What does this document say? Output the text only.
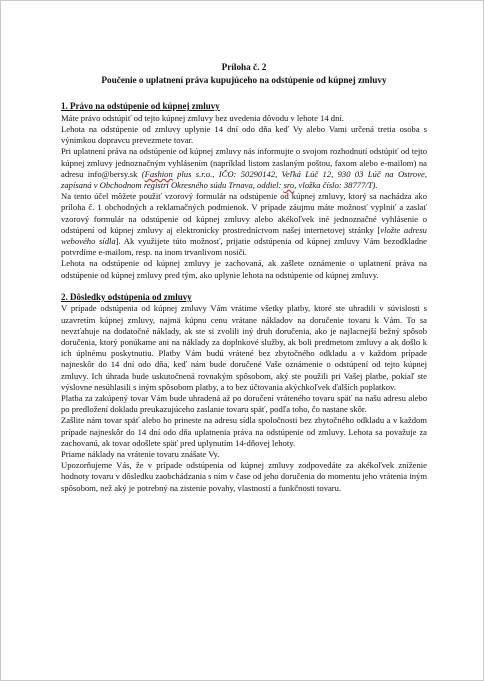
Príloha č. 2
Poučenie o uplatnení práva kupujúceho na odstúpenie od kúpnej zmluvy
1. Právo na odstúpenie od kúpnej zmluvy

Máte právo odstúpiť od tejto kúpnej zmluvy bez uvedenia dôvodu v lehote 14 dní.

Lehota na odstúpenie od zmluvy uplynie 14 dní odo dňa keď Vy alebo Vami určená tretia osoba s výnimkou dopravcu prevezmete tovar.

Pri uplatnení práva na odstúpenie od kúpnej zmluvy nás informujte o svojom rozhodnutí odstúpiť od tejto kúpnej zmluvy jednoznačným vyhlásením (napríklad listom zaslaným poštou, faxom alebo e-mailom) na adresu info@bersy.sk (Fashion plus s.r.o., IČO: 50290142, Veľká Lúč 12, 930 03 Lúč na Ostrove, zapísaná v Obchodnom registri Okresného súdu Trnava, oddiel: sro, vložka číslo: 38777/T).

Na tento účel môžete použiť vzorový formulár na odstúpenie od kúpnej zmluvy, ktorý sa nachádza ako príloha č. 1 obchodných a reklamačných podmienok. V prípade záujmu máte možnosť vyplniť a zaslať vzorový formulár na odstúpenie od kúpnej zmluvy alebo akékoľvek iné jednoznačné vyhlásenie o odstúpení od kúpnej zmluvy aj elektronicky prostredníctvom našej internetovej stránky [vložte adresu webového sídla]. Ak využijete túto možnosť, prijatie odstúpenia od kúpnej zmluvy Vám bezodkladne potvrdíme e-mailom, resp. na inom trvanlivom nosiči.

Lehota na odstúpenie od kúpnej zmluvy je zachovaná, ak zašlete oznámenie o uplatnení práva na odstúpenie od kúpnej zmluvy pred tým, ako uplynie lehota na odstúpenie od kúpnej zmluvy.

2. Dôsledky odstúpenia od zmluvy

V prípade odstúpenia od kúpnej zmluvy Vám vrátime všetky platby, ktoré ste uhradili v súvislosti s uzavretím kúpnej zmluvy, najmä kúpnu cenu vrátane nákladov na doručenie tovaru k Vám. To sa nevzťahuje na dodatočné náklady, ak ste si zvolili iný druh doručenia, ako je najlacnejší bežný spôsob doručenia, ktorý ponúkame ani na náklady za doplnkové služby, ak boli predmetom zmluvy a ak došlo k ich úplnému poskytnutiu. Platby Vám budú vrátené bez zbytočného odkladu a v každom prípade najneskôr do 14 dní odo dňa, keď nám bude doručené Vaše oznámenie o odstúpení od tejto kúpnej zmluvy. Ich úhrada bude uskutočnená rovnakým spôsobom, aký ste použili pri Vašej platbe, pokiaľ ste výslovne nesúhlasili s iným spôsobom platby, a to bez účtovania akýchkoľvek ďalších poplatkov.

Platba za zakúpený tovar Vám bude uhradená až po doručení vráteného tovaru späť na našu adresu alebo po predložení dokladu preukazujúceho zaslanie tovaru späť, podľa toho, čo nastane skôr.

Zašlite nám tovar späť alebo ho prineste na adresu sídla spoločnosti bez zbytočného odkladu a v každom prípade najneskôr do 14 dní odo dňa uplatnenia práva na odstúpenie od zmluvy. Lehota sa považuje za zachovanú, ak tovar odošlete späť pred uplynutím 14-dňovej lehoty.

Priame náklady na vrátenie tovaru znášate Vy.

Upozorňujeme Vás, že v prípade odstúpenia od kúpnej zmluvy zodpovedáte za akékoľvek zníženie hodnoty tovaru v dôsledku zaobchádzania s ním v čase od jeho doručenia do momentu jeho vrátenia iným spôsobom, než aký je potrebný na zistenie povahy, vlastností a funkčnosti tovaru.
